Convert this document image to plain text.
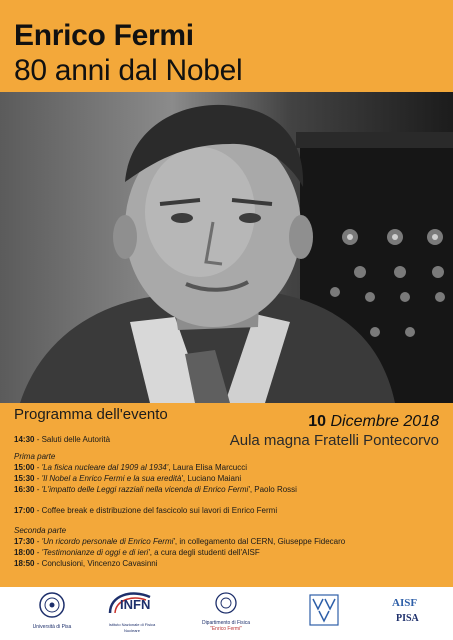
Enrico Fermi
80 anni dal Nobel
Programma dell'evento	10 Dicembre 2018
Aula magna Fratelli Pontecorvo
14:30 - Saluti delle Autorità
Prima parte
15:00 - 'La fisica nucleare dal 1909 al 1934', Laura Elisa Marcucci
15:30 - 'Il Nobel a Enrico Fermi e la sua eredità', Luciano Maiani
16:30 - 'L'impatto delle Leggi razziali nella vicenda di Enrico Fermi', Paolo Rossi
17:00 - Coffee break e distribuzione del fascicolo sui lavori di Enrico Fermi
Seconda parte
17:30 - 'Un ricordo personale di Enrico Fermi', in collegamento dal CERN, Giuseppe Fidecaro
18:00 - 'Testimonianze di oggi e di ieri', a cura degli studenti dell'AISF
18:50 - Conclusioni, Vincenzo Cavasinni
Università di Pisa
INFN
Istituto Nazionale di Fisica Nucleare
Dipartimento di Fisica
"Enrico Fermi"
AISF
PISA
